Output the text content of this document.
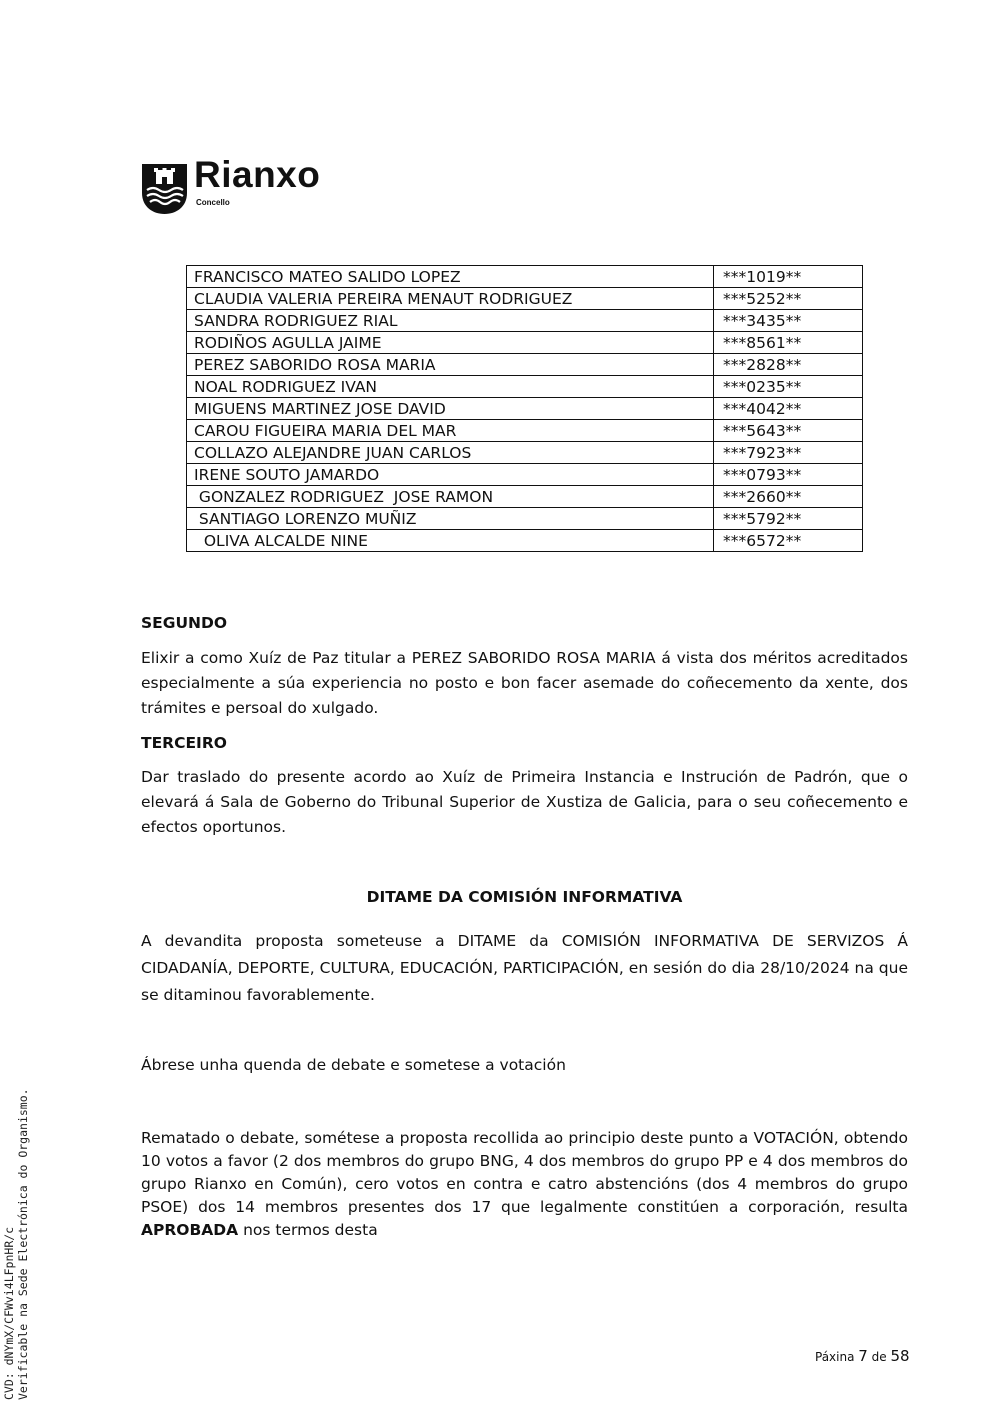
Rianxo
Concello
FRANCISCO MATEO SALIDO LOPEZ	***1019**
CLAUDIA VALERIA PEREIRA MENAUT RODRIGUEZ	***5252**
SANDRA RODRIGUEZ RIAL	***3435**
RODIÑOS AGULLA JAIME	***8561**
PEREZ SABORIDO ROSA MARIA	***2828**
NOAL RODRIGUEZ IVAN	***0235**
MIGUENS MARTINEZ JOSE DAVID	***4042**
CAROU FIGUEIRA MARIA DEL MAR	***5643**
COLLAZO ALEJANDRE JUAN CARLOS	***7923**
IRENE SOUTO JAMARDO	***0793**
GONZALEZ RODRIGUEZ  JOSE RAMON	***2660**
SANTIAGO LORENZO MUÑIZ	***5792**
OLIVA ALCALDE NINE	***6572**
SEGUNDO
Elixir a como Xuíz de Paz titular a PEREZ SABORIDO ROSA MARIA á vista dos méritos acreditados especialmente a súa experiencia no posto e bon facer asemade do coñecemento da xente, dos trámites e persoal do xulgado.
TERCEIRO
Dar traslado do presente acordo ao Xuíz de Primeira Instancia e Instrución de Padrón, que o elevará á Sala de Goberno do Tribunal Superior de Xustiza de Galicia, para o seu coñecemento e efectos oportunos.
DITAME DA COMISIÓN INFORMATIVA
A devandita proposta someteuse a DITAME da COMISIÓN INFORMATIVA DE SERVIZOS Á CIDADANÍA, DEPORTE, CULTURA, EDUCACIÓN, PARTICIPACIÓN, en sesión do dia 28/10/2024 na que se ditaminou favorablemente.
Ábrese unha quenda de debate e sometese a votación
Rematado o debate, sométese a proposta recollida ao principio deste punto a VOTACIÓN, obtendo 10 votos a favor (2 dos membros do grupo BNG, 4 dos membros do grupo PP e 4 dos membros do grupo Rianxo en Común), cero votos en contra e catro abstencións (dos 4 membros do grupo PSOE) dos 14 membros presentes dos 17 que legalmente constitúen a corporación, resulta APROBADA nos termos desta
CVD: dNYmX/CFWvi4LFpnHR/c Verificable na Sede Electrónica do Organismo.	Páxina 7 de 58
